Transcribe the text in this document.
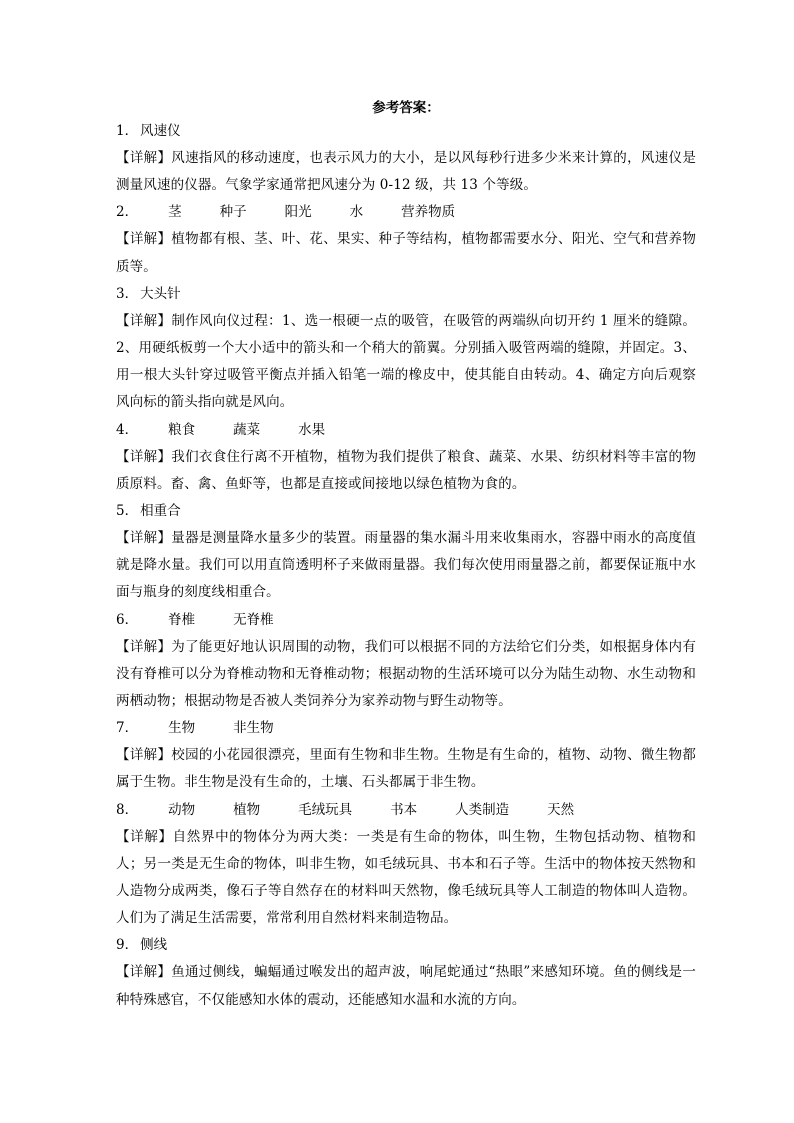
参考答案：
1． 风速仪
【详解】风速指风的移动速度，也表示风力的大小，是以风每秒行进多少米来计算的，风速仪是测量风速的仪器。气象学家通常把风速分为 0-12 级，共 13 个等级。
2． 茎	种子	阳光	水	营养物质
【详解】植物都有根、茎、叶、花、果实、种子等结构，植物都需要水分、阳光、空气和营养物质等。
3． 大头针
【详解】制作风向仪过程：1、选一根硬一点的吸管，在吸管的两端纵向切开约 1 厘米的缝隙。2、用硬纸板剪一个大小适中的箭头和一个稍大的箭翼。分别插入吸管两端的缝隙，并固定。3、用一根大头针穿过吸管平衡点并插入铅笔一端的橡皮中，使其能自由转动。4、确定方向后观察风向标的箭头指向就是风向。
4． 粮食	蔬菜	水果
【详解】我们衣食住行离不开植物，植物为我们提供了粮食、蔬菜、水果、纺织材料等丰富的物质原料。畜、禽、鱼虾等，也都是直接或间接地以绿色植物为食的。
5． 相重合
【详解】量器是测量降水量多少的装置。雨量器的集水漏斗用来收集雨水，容器中雨水的高度值就是降水量。我们可以用直筒透明杯子来做雨量器。我们每次使用雨量器之前，都要保证瓶中水面与瓶身的刻度线相重合。
6． 脊椎	无脊椎
【详解】为了能更好地认识周围的动物，我们可以根据不同的方法给它们分类，如根据身体内有没有脊椎可以分为脊椎动物和无脊椎动物；根据动物的生活环境可以分为陆生动物、水生动物和两栖动物；根据动物是否被人类饲养分为家养动物与野生动物等。
7． 生物	非生物
【详解】校园的小花园很漂亮，里面有生物和非生物。生物是有生命的，植物、动物、微生物都属于生物。非生物是没有生命的，土壤、石头都属于非生物。
8． 动物	植物	毛绒玩具	书本	人类制造	天然
【详解】自然界中的物体分为两大类：一类是有生命的物体，叫生物，生物包括动物、植物和人；另一类是无生命的物体，叫非生物，如毛绒玩具、书本和石子等。生活中的物体按天然物和人造物分成两类，像石子等自然存在的材料叫天然物，像毛绒玩具等人工制造的物体叫人造物。人们为了满足生活需要，常常利用自然材料来制造物品。
9． 侧线
【详解】鱼通过侧线，蝙蝠通过喉发出的超声波，响尾蛇通过“热眼”来感知环境。鱼的侧线是一种特殊感官，不仅能感知水体的震动，还能感知水温和水流的方向。
